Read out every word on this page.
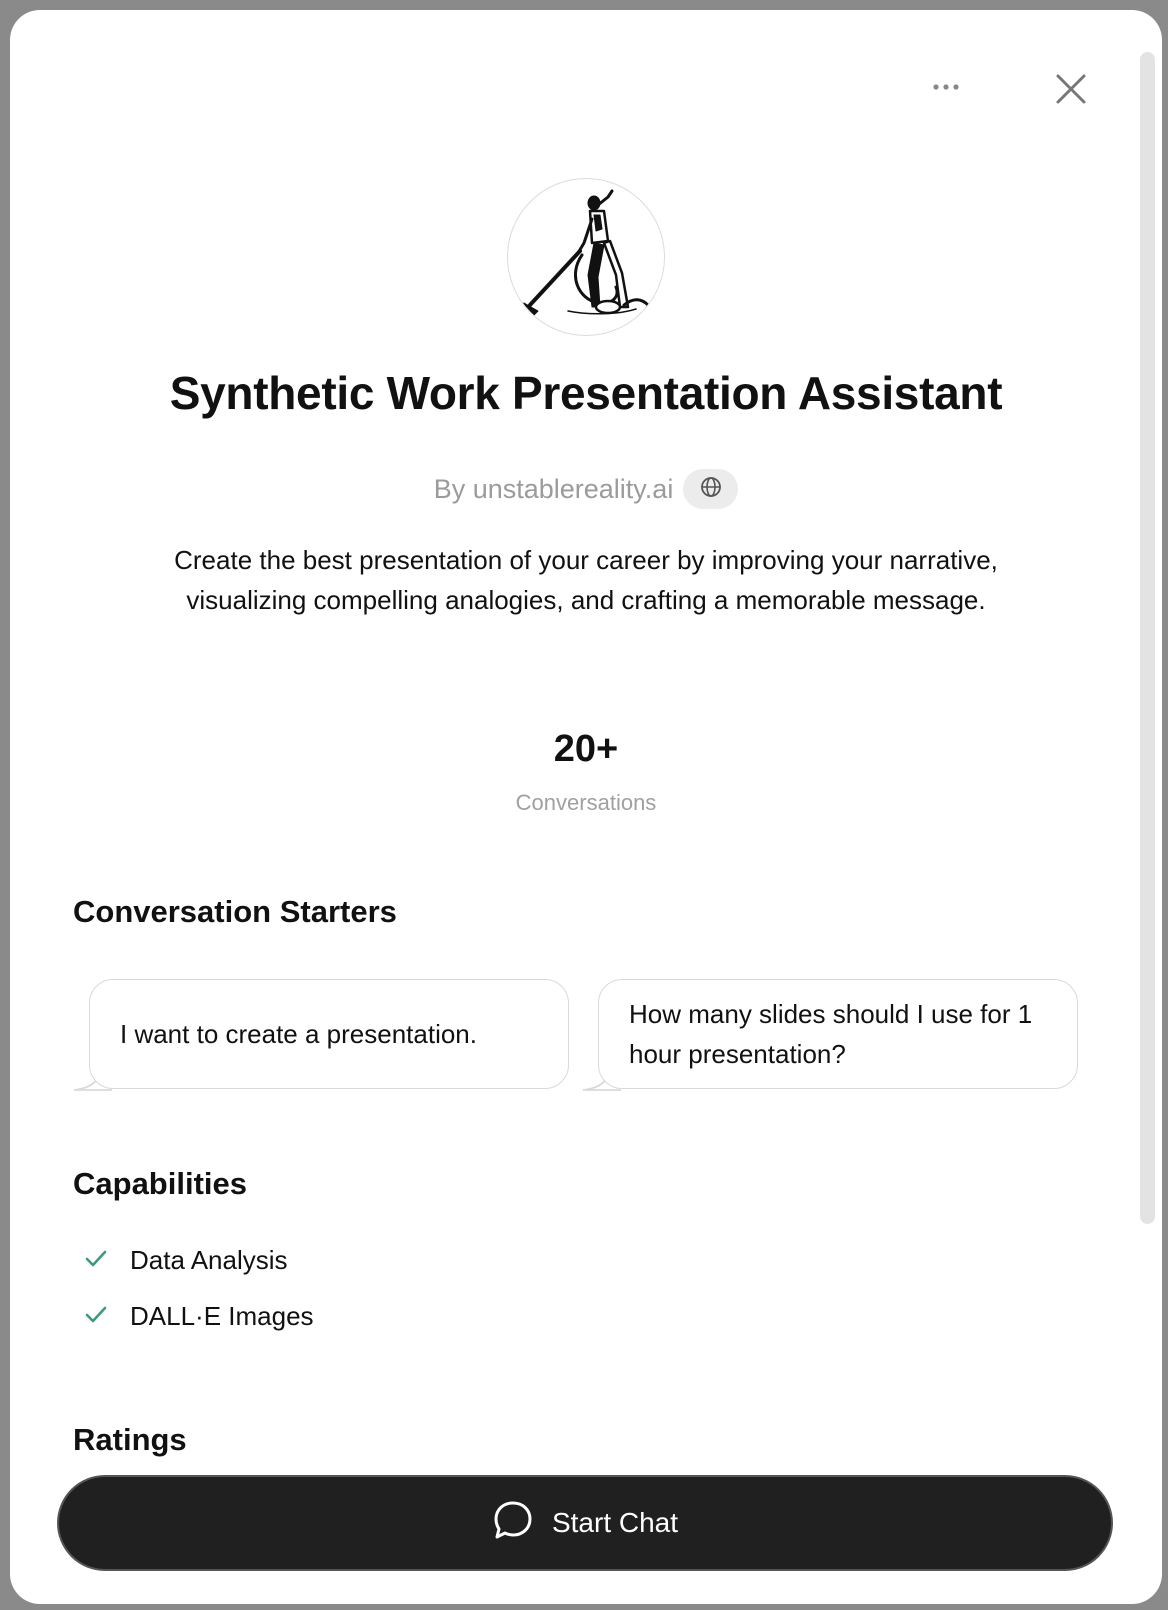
Synthetic Work Presentation Assistant
By unstablereality.ai
Create the best presentation of your career by improving your narrative, visualizing compelling analogies, and crafting a memorable message.
20+
Conversations
Conversation Starters
I want to create a presentation.
How many slides should I use for 1 hour presentation?
Capabilities
Data Analysis
DALL·E Images
Ratings
Start Chat
